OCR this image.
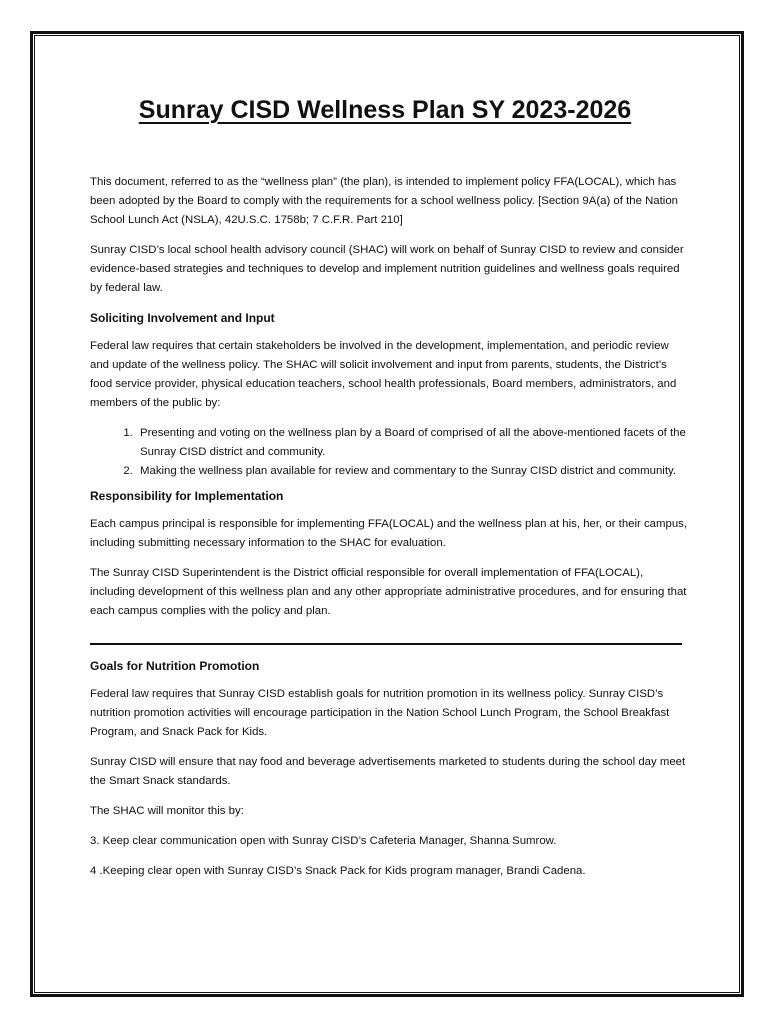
Sunray CISD Wellness Plan SY 2023-2026

This document, referred to as the “wellness plan” (the plan), is intended to implement policy FFA(LOCAL), which has been adopted by the Board to comply with the requirements for a school wellness policy. [Section 9A(a) of the Nation School Lunch Act (NSLA), 42U.S.C. 1758b; 7 C.F.R. Part 210]

Sunray CISD’s local school health advisory council (SHAC) will work on behalf of Sunray CISD to review and consider evidence-based strategies and techniques to develop and implement nutrition guidelines and wellness goals required by federal law.

Soliciting Involvement and Input

Federal law requires that certain stakeholders be involved in the development, implementation, and periodic review and update of the wellness policy. The SHAC will solicit involvement and input from parents, students, the District’s food service provider, physical education teachers, school health professionals, Board members, administrators, and members of the public by:

1. Presenting and voting on the wellness plan by a Board of comprised of all the above-mentioned facets of the Sunray CISD district and community.
2. Making the wellness plan available for review and commentary to the Sunray CISD district and community.
Responsibility for Implementation

Each campus principal is responsible for implementing FFA(LOCAL) and the wellness plan at his, her, or their campus, including submitting necessary information to the SHAC for evaluation.

The Sunray CISD Superintendent is the District official responsible for overall implementation of FFA(LOCAL), including development of this wellness plan and any other appropriate administrative procedures, and for ensuring that each campus complies with the policy and plan.

Goals for Nutrition Promotion

Federal law requires that Sunray CISD establish goals for nutrition promotion in its wellness policy. Sunray CISD’s nutrition promotion activities will encourage participation in the Nation School Lunch Program, the School Breakfast Program, and Snack Pack for Kids.

Sunray CISD will ensure that nay food and beverage advertisements marketed to students during the school day meet the Smart Snack standards.

The SHAC will monitor this by:

3. Keep clear communication open with Sunray CISD’s Cafeteria Manager, Shanna Sumrow.

4 .Keeping clear open with Sunray CISD’s Snack Pack for Kids program manager, Brandi Cadena.
